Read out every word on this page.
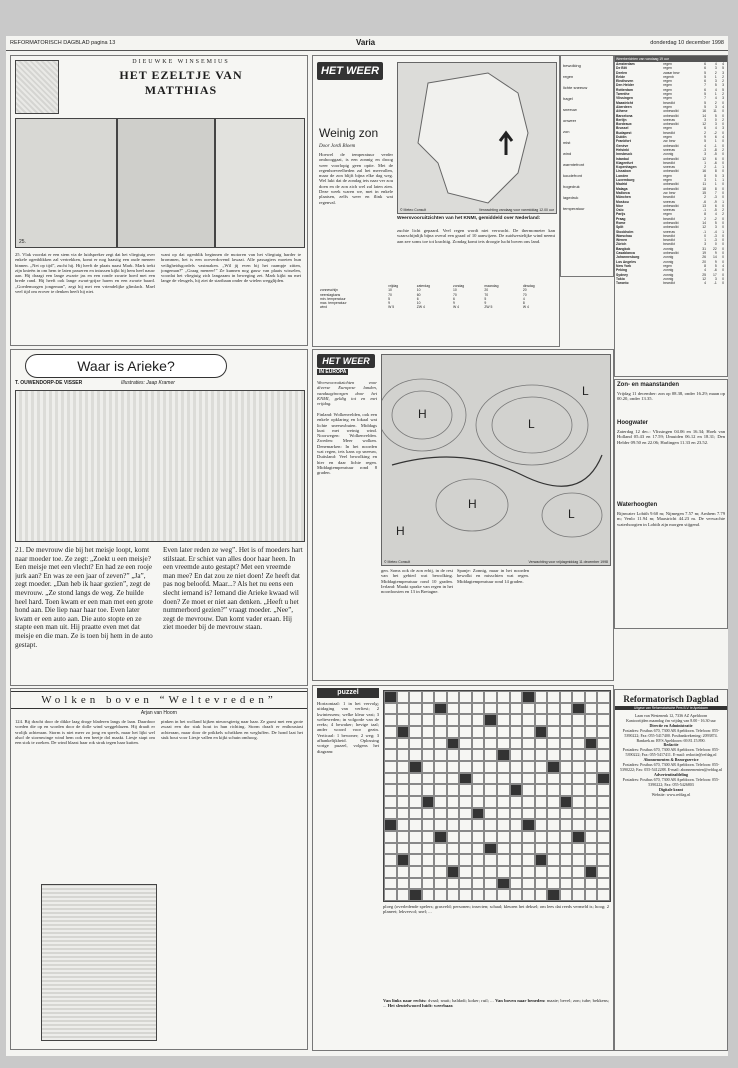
REFORMATORISCH DAGBLAD pagina 13	Varia	donderdag 10 december 1998
DIEUWKE WINSEMIUS
HET EZELTJE VAN
MATTHIAS
25.
25. Vlak voordat er een stem via de luidspreker zegt dat het vliegtuig over enkele ogenblikken zal vertrekken, komt er nog haastig een oude meneer binnen. „Net op tijd”, zucht hij. Hij heeft de plaats naast Mark. Mark trekt zijn knieën in om hem te laten passeren en intussen kijkt hij hem heel nauw aan. Hij draagt een lange zwarte jas en een ronde zwarte hoed met een brede rand. Hij heeft ook lange zwart-grijze haren en een zwarte baard. „Goedemorgen jongeman”, zegt hij met een vriendelijke glimlach. Mael veel tijd om erover te denken heeft hij niet.
want op dat ogenblik beginnen de motoren van het vliegtuig harder te brommen, het is een oorverdovend lawaai. Alle passagiers moeten hun veiligheidsgordels vastmaken. „Wil jij even bij het raampje zitten, jongeman?” „Graag meneer!” Ze kunnen nog gauw van plaats wisselen, voordat het vliegtuig zich langzaam in beweging zet. Mark kijkt nu met lange de vleugels, hij ziet de startbaan onder de wielen wegglijden.
Waar is Arieke?
T. OUWENDORP-DE VISSER	Illustraties: Jaap Kramer
21. De mevrouw die bij het meisje loopt, komt naar moeder toe. Ze zegt: „Zoekt u een meisje? Een meisje met een vlecht? En had ze een rooje jurk aan? En was ze een jaar of zeven?” „Ja”, zegt moeder. „Dan heb ik haar gezien”, zegt de mevrouw. „Ze stond langs de weg. Ze huilde heel hard. Toen kwam er een man met een grote hond aan. Die liep naar haar toe. Even later kwam er een auto aan. Die auto stopte en ze stapte een man uit. Hij praatte even met dat meisje en die man. Ze is toen bij hem in de auto gestapt.
Even later reden ze weg”. Het is of moeders hart stilstaat. Er schiet van alles door haar heen. In een vreemde auto gestapt? Met een vreemde man mee? En dat zou ze niet doen! Ze heeft dat pas nog beloofd. Maar...? Als het nu eens een slecht iemand is? Iemand die Arieke kwaad wil doen? Ze moet er niet aan denken. „Heeft u het nummerbord gezien?” vraagt moeder. „Nee”, zegt de mevrouw. Dan komt vader eraan. Hij ziet moeder bij de mevrouw staan.
Wolken boven “Weltevreden”
Arjan van Hoorn
124. Bij dracht door de dikke laag droge bladeren langs de laan. Daardoor voeden die op en worden door de dolle wind weggeblazen. Hij draaft er vrolijk achteraan. Storm is niet meer zo jong en speels, maar het lijkt wel alsof de stormwinge wind hem ook een beetje dol maakt. Liesje stapt om een stok te zoeken. De wind blaast haar rok strak tegen haar kuiten.
pinken in het wolland kijken nieuwsgierig naar haar. Ze gaost met een grote zwaai een dor stuk hout in hun richting. Storm draaft er enthousiast achteraan, maar door de prikkels schrikken en wegluffen. De hond laat het stuk hout voor Liesje vallen en kijkt schuin omhoog.
HET WEER
Weinig zon
Door Jordi Bloem
Hoewel de temperatuur verder omhooggaat, is een zonnig en droog weer voorlopig geen optie. Met de regenhoeveelheden zal het meevallen, maar de zon blijft bijna elke dag weg. Wel lukt dat de zondag iets naar ver zou doen en de zon zich wel zal laten zien. Deze week waren we, met in enkele plaatsen, zelfs weer en flink wat regenval.
© Meteo Consult	Verwachting vandaag voor vanmiddag 12.00 uur
Weersvooruitzichten van het KNMI, gemiddeld over Nederland:
	vrijdag	zaterdag	zondag	maandag	dinsdag
zonneschijn	10	10	10	20	20
neerslagkans	70	60	70	70	70
min. temperatuur	5	6	6	5	4
max. temperatuur	9	10	9	9	8
wind	W 5	ZW 4	W 4	ZW 5	W 4
zuchte licht gepaard. Veel regen wordt niet verwacht. De thermometer kan waarschijnlijk bijna overal een graad of 10 aanwijzen. De zuidwestelijke wind neemt aan zee soms toe tot krachtig. Zondag komt iets droogte lucht boven ons land.
bewolking
regen
lichte sneeuw
hagel
sneeuw
onweer
zon
mist
wind
warmtefront
koudefront
hogedruk
lagedruk
temperatuur
Weerberichten van vandaag 19 uur
Amsterdam	regen	6	4	4
De Bilt	regen	6	3	5
Deelen	zwaar bew	5	2	3
Eelde	regenb	5	1	2
Eindhoven	regen	6	3	2
Den Helder	regen	7	5	3
Rotterdam	regen	6	4	5
Twenthe	regen	5	1	2
Vlissingen	regen	7	4	3
Maastricht	bewolkt	5	2	0
Aberdeen	regen	5	3	4
Athene	onbewolkt	16	11	0
Barcelona	onbewolkt	14	5	0
Berlijn	sneeuw	3	0	2
Bordeaux	onbewolkt	12	3	0
Brussel	regen	6	4	3
Budapest	bewolkt	2	-2	0
Dublin	regen	9	6	4
Frankfort	zw. bew	5	1	0
Genève	onbewolkt	4	-1	0
Helsinki	sneeuw	-3	-8	2
Innsbruck	zonnig	3	-5	0
Istanbul	onbewolkt	12	6	0
Klagenfurt	bewolkt	1	-6	0
Kopenhagen	sneeuw	2	-1	1
Lissabon	onbewolkt	16	8	0
Londen	regen	8	5	3
Luxemburg	regen	3	1	1
Madrid	onbewolkt	11	1	0
Malaga	onbewolkt	18	8	0
Mallorca	zw. bew	15	7	0
München	bewolkt	2	-3	0
Moskou	sneeuw	-6	-9	1
Nice	onbewolkt	13	6	0
Oslo	sneeuw	-1	-5	2
Parijs	regen	8	4	2
Praag	bewolkt	2	-2	0
Rome	onbewolkt	14	5	0
Split	onbewolkt	12	3	0
Stockholm	sneeuw	-1	-4	1
Warschau	bewolkt	0	-3	0
Wenen	bewolkt	1	-3	0
Zürich	bewolkt	3	0	0
Bangkok	zonnig	31	22	0
Casablanca	onbewolkt	19	9	0
Johannesburg	zonnig	26	14	0
Los Angeles	zonnig	20	9	0
New York	regen	8	5	4
Peking	zonnig	4	-6	0
Sydney	zonnig	25	17	0
Tokio	zonnig	12	3	0
Toronto	bewolkt	4	-1	0
Zon- en maanstanden
Vrijdag 11 december: zon op 08.38, onder 16.29; maan op 00.20, onder 13.35.
Hoogwater
Zaterdag 12 dec.: Vlissingen 04.06 en 16.34; Hoek van Holland 05.43 en 17.59; IJmuiden 06.12 en 18.31; Den Helder 09.50 en 22.06; Harlingen 11.33 en 23.52.
Waterhoogten
Rijnwater Lobith 9.60 m; Nijmegen 7.57 m; Arnhem 7.79 m; Venlo 11.94 m; Maastricht 44.23 m. De verwachte waterhoogten in Lobith zijn morgen stijgend.
HET WEER
IN EUROPA
Weersvooruitzichten voor diverse Europese landen, vandaag/morgen door het KNMI, geldig tot en met vrijdag.
Finland: Wolkenvelden, ook een enkele opklaring en lokaal wat lichte sneeuwbuien. Middags kust met weinig wind. Noorwegen: Wolkenvelden. Zweden: Meer wolken. Denemarken: In het noorden wat regen, iets kans op sneeuw, Duitsland: Veel bewolking en hier en daar lichte regen. Middagtemperatuur rond 8 graden.
H
L
H
L
H
L
© Meteo Consult	Verwachting voor vrijdagmiddag 11 december 1998
gen. Soms ook de zon erbij, in de rest van het gebied wat bewolking. Middagtemperatuur rond 10 graden. Ierland: Maakt sprake van regen in het noordoosten en 13 in Bretagne.
Spanje: Zonnig, maar in het noorden bewolkt en misschien wat regen. Middagtemperatuur rond 14 graden.
puzzel
Horizontaal: 1 in het vervolg; uitdaging van verliest; 2 kwintessens; welke kleur vast; 3 weltevreden; in volgorde van de reeks; 4 bewaker; hevige taal; ander woord voor gezin. Verticaal: 1 bewoner; 2 weg; 3 afhankelijkheid. Oplossing vorige puzzel, volgens het diagram:
ploeg (overledende spelers; grasveld; personen; insecten; schaal; kleuren het deksel; om lees dat reeds vermeld is; hoog; 2 planeet; lekvervol; snel; ...
Van links naar rechts: dvaal; snuit; baldadi; koker; ruil; ... Van boven naar beneden: maaie; bevel; zon; tube; bekkens; ... Het sleutelwoord luidt: weerbaar.
Reformatorisch Dagblad
Uitgave van Reformatorische Pers B.V. te Apeldoorn
Laan van Westenenk 12, 7336 AZ Apeldoorn
Kantoortijden maandag t/m vrijdag van 8.00 - 16.30 uur
Directie en Administratie
Postadres: Postbus 670, 7300 AR Apeldoorn. Telefoon: 055-5390222; Fax: 055-5417400. Postbankrekening: 2093874. Bankrek.nr. RVS Apeldoorn: 69.81.15.890.
Redactie
Postadres: Postbus 670, 7300 AR Apeldoorn. Telefoon: 055-5390222; Fax: 055-5417411. E-mail: redactie@refdag.nl
Abonnementen & Bezorgservice
Postadres: Postbus 670, 7300 AR Apeldoorn. Telefoon: 055-5390222; Fax: 055-5412288. E-mail: abonnementen@refdag.nl
Advertentieafdeling
Postadres: Postbus 670, 7300 AR Apeldoorn. Telefoon: 055-5390222; Fax: 055-5426803
Digitale krant
Website: www.refdag.nl
